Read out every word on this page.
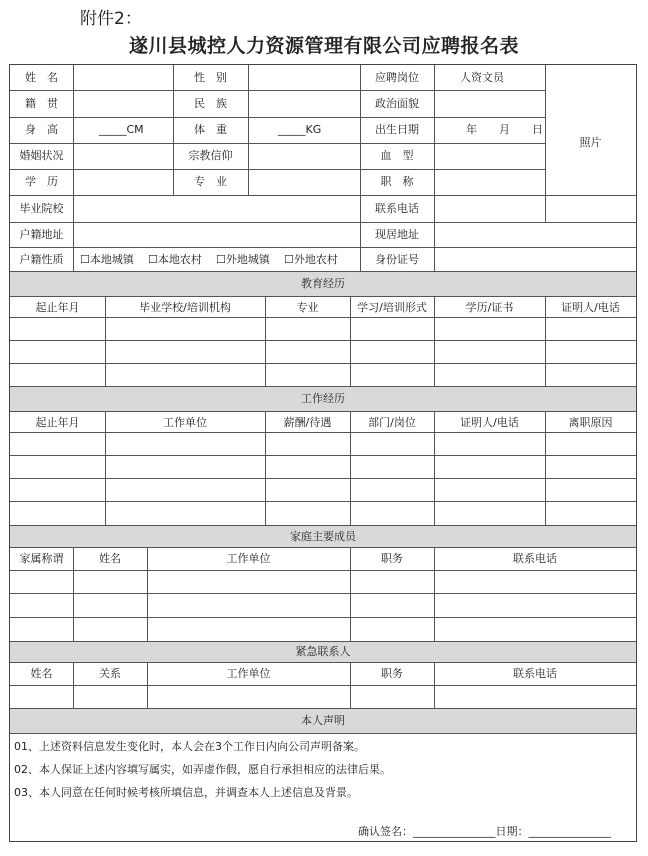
附件2：
遂川县城控人力资源管理有限公司应聘报名表
姓　名	性　别	应聘岗位	人资文员
籍　贯	民　族	政治面貌
身　高	_____CM	体　重	_____KG	出生日期	年　　月　　日
照片
婚姻状况	宗教信仰	血　型
学　历	专　业	职　称
毕业院校	联系电话
户籍地址	现居地址
户籍性质	☐本地城镇 ☐本地农村 ☐外地城镇 ☐外地农村	身份证号
教育经历
起止年月	毕业学校/培训机构	专业	学习/培训形式	学历/证书	证明人/电话
工作经历
起止年月	工作单位	薪酬/待遇	部门/岗位	证明人/电话	离职原因
家庭主要成员
家属称谓	姓名	工作单位	职务	联系电话
紧急联系人
姓名	关系	工作单位	职务	联系电话
本人声明
01、上述资料信息发生变化时，本人会在3个工作日内向公司声明备案。
02、本人保证上述内容填写属实，如弄虚作假，愿自行承担相应的法律后果。
03、本人同意在任何时候考核所填信息，并调查本人上述信息及背景。
确认签名：_______________日期：_______________
